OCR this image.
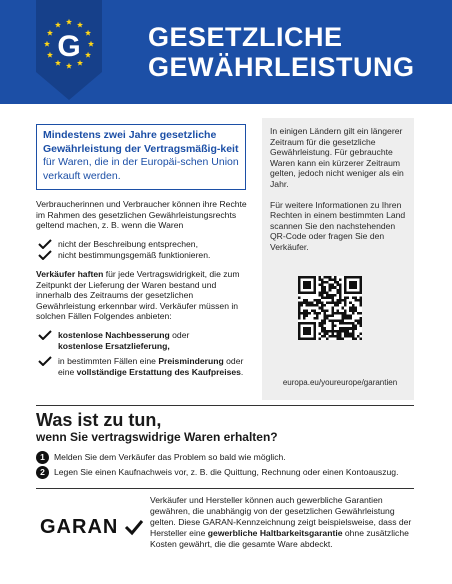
G GESETZLICHE
GEWÄHRLEISTUNG
Mindestens zwei Jahre gesetzliche Gewährleistung der Vertragsmäßig-keit für Waren, die in der Europäi-schen Union verkauft werden.

Verbraucherinnen und Verbraucher können ihre Rechte im Rahmen des gesetzlichen Gewährleistungsrechts geltend machen, z. B. wenn die Waren

nicht der Beschreibung entsprechen,
nicht bestimmungsgemäß funktionieren.

Verkäufer haften für jede Vertragswidrigkeit, die zum Zeitpunkt der Lieferung der Waren bestand und innerhalb des Zeitraums der gesetzlichen Gewährleistung erkennbar wird. Verkäufer müssen in solchen Fällen Folgendes anbieten:

kostenlose Nachbesserung oder
kostenlose Ersatzlieferung,
in bestimmten Fällen eine Preisminderung oder eine vollständige Erstattung des Kaufpreises.

In einigen Ländern gilt ein längerer Zeitraum für die gesetzliche Gewährleistung. Für gebrauchte Waren kann ein kürzerer Zeitraum gelten, jedoch nicht weniger als ein Jahr.

Für weitere Informationen zu Ihren Rechten in einem bestimmten Land scannen Sie den nachstehenden QR-Code oder fragen Sie den Verkäufer.

europa.eu/youreurope/garantien
Was ist zu tun,
wenn Sie vertragswidrige Waren erhalten?
1	Melden Sie dem Verkäufer das Problem so bald wie möglich.
2	Legen Sie einen Kaufnachweis vor, z. B. die Quittung, Rechnung oder einen Kontoauszug.
GARAN
Verkäufer und Hersteller können auch gewerbliche Garantien gewähren, die unabhängig von der gesetzlichen Gewährleistung gelten. Diese GARAN-Kennzeichnung zeigt beispielsweise, dass der Hersteller eine gewerbliche Haltbarkeitsgarantie ohne zusätzliche Kosten gewährt, die die gesamte Ware abdeckt.
